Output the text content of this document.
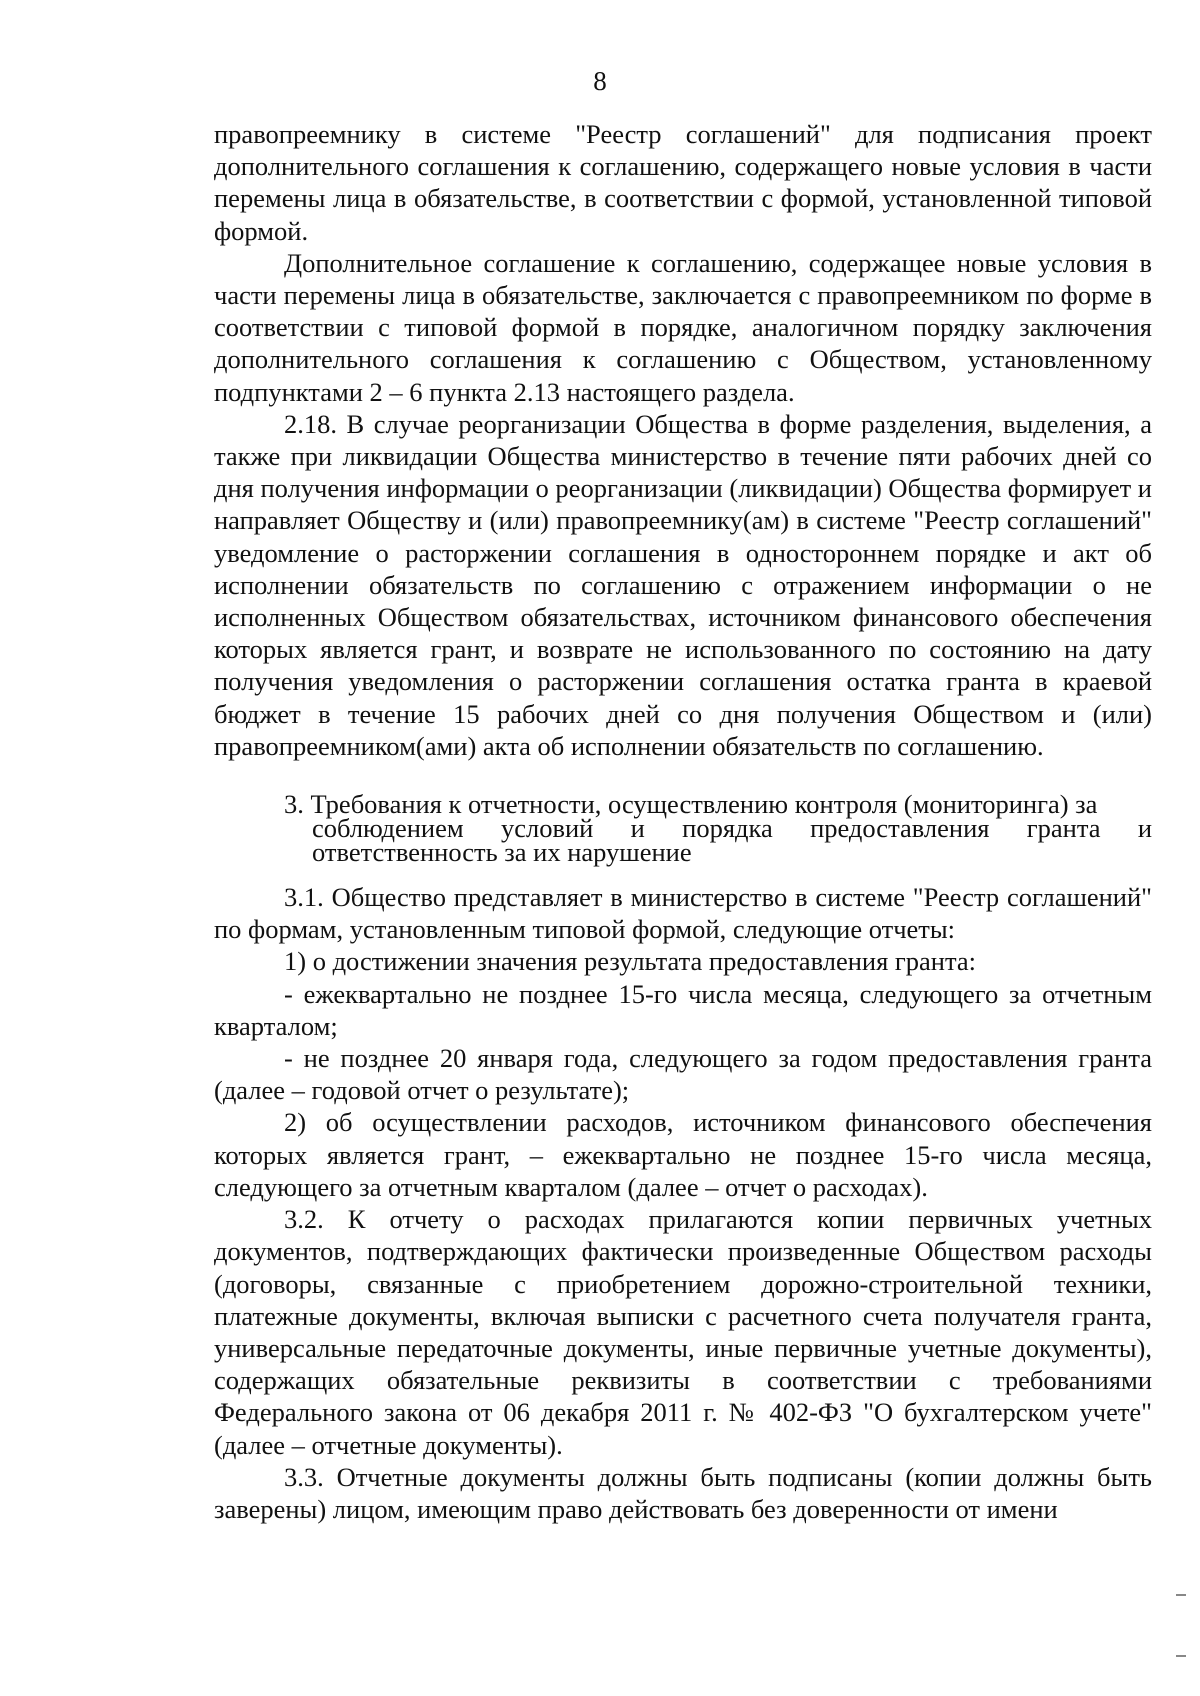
8

правопреемнику в системе "Реестр соглашений" для подписания проект дополнительного соглашения к соглашению, содержащего новые условия в части перемены лица в обязательстве, в соответствии с формой, установленной типовой формой.

Дополнительное соглашение к соглашению, содержащее новые условия в части перемены лица в обязательстве, заключается с правопреемником по форме в соответствии с типовой формой в порядке, аналогичном порядку заключения дополнительного соглашения к соглашению с Обществом, установленному подпунктами 2 – 6 пункта 2.13 настоящего раздела.

2.18. В случае реорганизации Общества в форме разделения, выделения, а также при ликвидации Общества министерство в течение пяти рабочих дней со дня получения информации о реорганизации (ликвидации) Общества формирует и направляет Обществу и (или) правопреемнику(ам) в системе "Реестр соглашений" уведомление о расторжении соглашения в одностороннем порядке и акт об исполнении обязательств по соглашению с отражением информации о не исполненных Обществом обязательствах, источником финансового обеспечения которых является грант, и возврате не использованного по состоянию на дату получения уведомления о расторжении соглашения остатка гранта в краевой бюджет в течение 15 рабочих дней со дня получения Обществом и (или) правопреемником(ами) акта об исполнении обязательств по соглашению.

3. Требования к отчетности, осуществлению контроля (мониторинга) за
соблюдением условий и порядка предоставления гранта и
ответственность за их нарушение

3.1. Общество представляет в министерство в системе "Реестр соглашений" по формам, установленным типовой формой, следующие отчеты:

1) о достижении значения результата предоставления гранта:

- ежеквартально не позднее 15-го числа месяца, следующего за отчетным кварталом;

- не позднее 20 января года, следующего за годом предоставления гранта (далее – годовой отчет о результате);

2) об осуществлении расходов, источником финансового обеспечения которых является грант, – ежеквартально не позднее 15-го числа месяца, следующего за отчетным кварталом (далее – отчет о расходах).

3.2. К отчету о расходах прилагаются копии первичных учетных документов, подтверждающих фактически произведенные Обществом расходы (договоры, связанные с приобретением дорожно-строительной техники, платежные документы, включая выписки с расчетного счета получателя гранта, универсальные передаточные документы, иные первичные учетные документы), содержащих обязательные реквизиты в соответствии с требованиями Федерального закона от 06 декабря 2011 г. № 402-ФЗ "О бухгалтерском учете" (далее – отчетные документы).

3.3. Отчетные документы должны быть подписаны (копии должны быть заверены) лицом, имеющим право действовать без доверенности от имени
